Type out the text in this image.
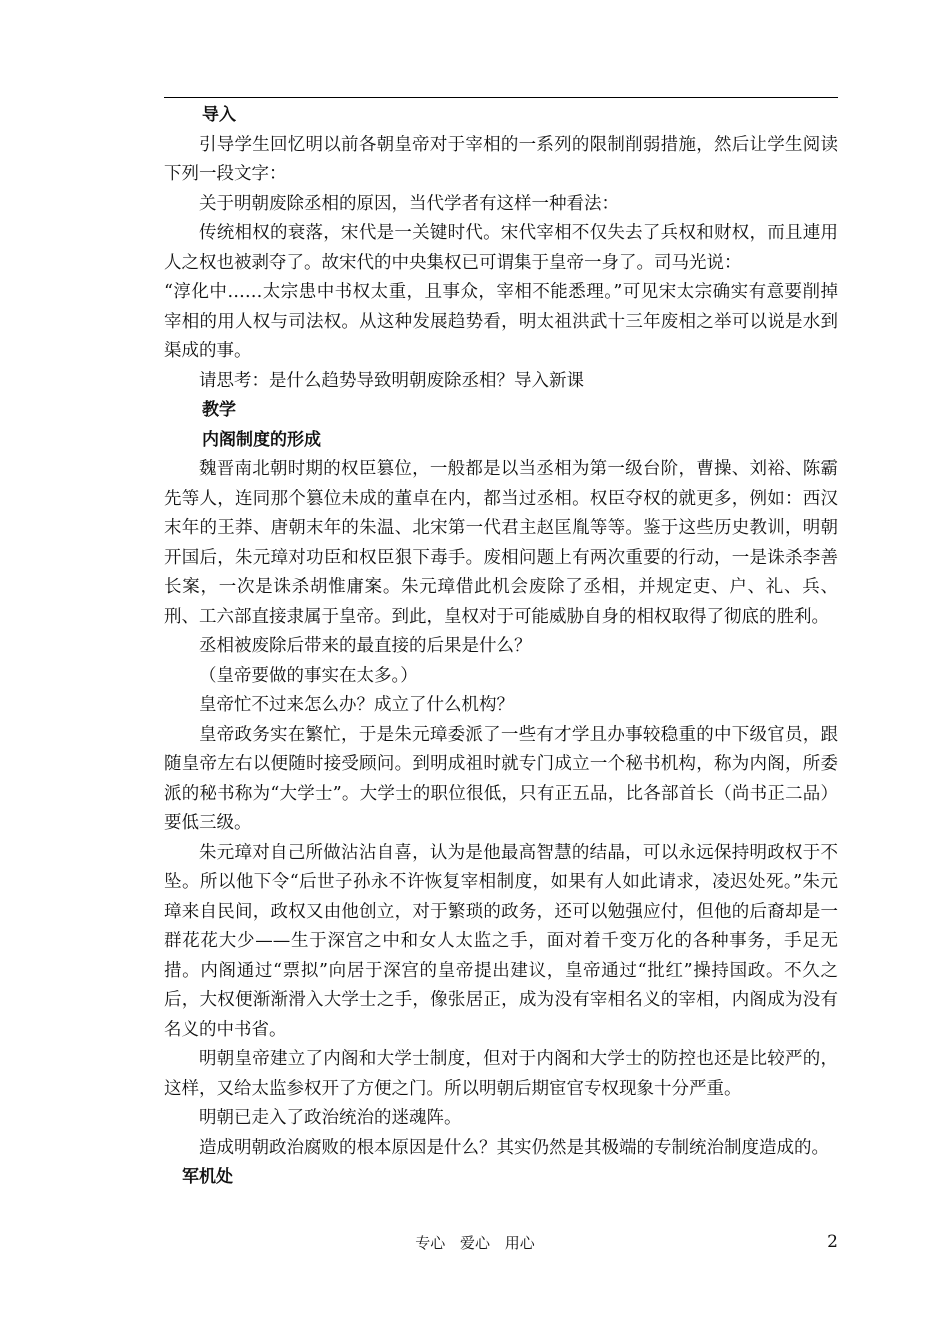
导入
引导学生回忆明以前各朝皇帝对于宰相的一系列的限制削弱措施，然后让学生阅读下列一段文字：
关于明朝废除丞相的原因，当代学者有这样一种看法：
传统相权的衰落，宋代是一关键时代。宋代宰相不仅失去了兵权和财权，而且連用人之权也被剥夺了。故宋代的中央集权已可谓集于皇帝一身了。司马光说：
“淳化中……太宗患中书权太重，且事众，宰相不能悉理。”可见宋太宗确实有意要削掉宰相的用人权与司法权。从这种发展趋势看，明太祖洪武十三年废相之举可以说是水到渠成的事。
请思考：是什么趋势导致明朝废除丞相？导入新课
教学
内阁制度的形成
魏晋南北朝时期的权臣篡位，一般都是以当丞相为第一级台阶，曹操、刘裕、陈霸先等人，连同那个篡位未成的董卓在内，都当过丞相。权臣夺权的就更多，例如：西汉末年的王莽、唐朝末年的朱温、北宋第一代君主赵匡胤等等。鉴于这些历史教训，明朝开国后，朱元璋对功臣和权臣狠下毒手。废相问题上有两次重要的行动，一是诛杀李善长案，一次是诛杀胡惟庸案。朱元璋借此机会废除了丞相，并规定吏、户、礼、兵、刑、工六部直接隶属于皇帝。到此，皇权对于可能威胁自身的相权取得了彻底的胜利。
丞相被废除后带来的最直接的后果是什么？
（皇帝要做的事实在太多。）
皇帝忙不过来怎么办？成立了什么机构？
皇帝政务实在繁忙，于是朱元璋委派了一些有才学且办事较稳重的中下级官员，跟随皇帝左右以便随时接受顾问。到明成祖时就专门成立一个秘书机构，称为内阁，所委派的秘书称为“大学士”。大学士的职位很低，只有正五品，比各部首长（尚书正二品）要低三级。
朱元璋对自己所做沾沾自喜，认为是他最高智慧的结晶，可以永远保持明政权于不坠。所以他下令“后世子孙永不许恢复宰相制度，如果有人如此请求，凌迟处死。”朱元璋来自民间，政权又由他创立，对于繁琐的政务，还可以勉强应付，但他的后裔却是一群花花大少——生于深宫之中和女人太监之手，面对着千变万化的各种事务，手足无措。内阁通过“票拟”向居于深宫的皇帝提出建议，皇帝通过“批红”操持国政。不久之后，大权便渐渐滑入大学士之手，像张居正，成为没有宰相名义的宰相，内阁成为没有名义的中书省。
明朝皇帝建立了内阁和大学士制度，但对于内阁和大学士的防控也还是比较严的，这样，又给太监参权开了方便之门。所以明朝后期宦官专权现象十分严重。
明朝已走入了政治统治的迷魂阵。
造成明朝政治腐败的根本原因是什么？其实仍然是其极端的专制统治制度造成的。
军机处
专心 爱心 用心	2
